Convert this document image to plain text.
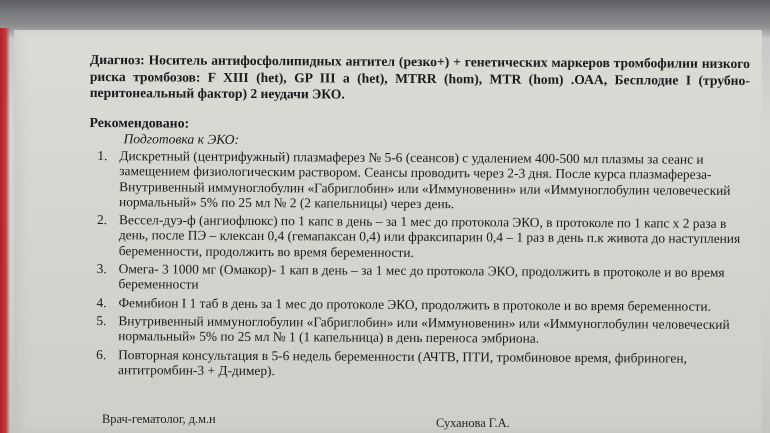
Диагноз: Носитель антифосфолипидных антител (резко+) + генетических маркеров тромбофилии низкого риска тромбозов: F XIII (het), GP III a (het), MTRR (hom), MTR (hom) .ОАА, Бесплодие I (трубно-перитонеальный фактор) 2 неудачи ЭКО.

Рекомендовано:
Подготовка к ЭКО:
1. Дискретный (центрифужный) плазмаферез № 5-6 (сеансов) с удалением 400-500 мл плазмы за сеанс и замещением физиологическим раствором. Сеансы проводить через 2-3 дня. После курса плазмафереза- Внутривенный иммуноглобулин «Габриглобин» или «Иммуновенин» или «Иммуноглобулин человеческий нормальный» 5% по 25 мл № 2 (2 капельницы) через день.
2. Вессел-дуэ-ф (ангиофлюкс) по 1 капс в день – за 1 мес до протокола ЭКО, в протоколе по 1 капс х 2 раза в день, после ПЭ – клексан 0,4 (гемапаксан 0,4) или фраксипарин 0,4 – 1 раз в день п.к живота до наступления беременности, продолжить во время беременности.
3. Омега- 3 1000 мг (Омакор)- 1 кап в день – за 1 мес до протокола ЭКО, продолжить в протоколе и во время беременности
4. Фемибион I 1 таб в день за 1 мес до протоколе ЭКО, продолжить в протоколе и во время беременности.
5. Внутривенный иммуноглобулин «Габриглобин» или «Иммуновенин» или «Иммуноглобулин человеческий нормальный» 5% по 25 мл № 1 (1 капельница) в день переноса эмбриона.
6. Повторная консультация в 5-6 недель беременности (АЧТВ, ПТИ, тромбиновое время, фибриноген, антитромбин-3 + Д-димер).
Врач-гематолог, д.м.н	Суханова Г.А.
